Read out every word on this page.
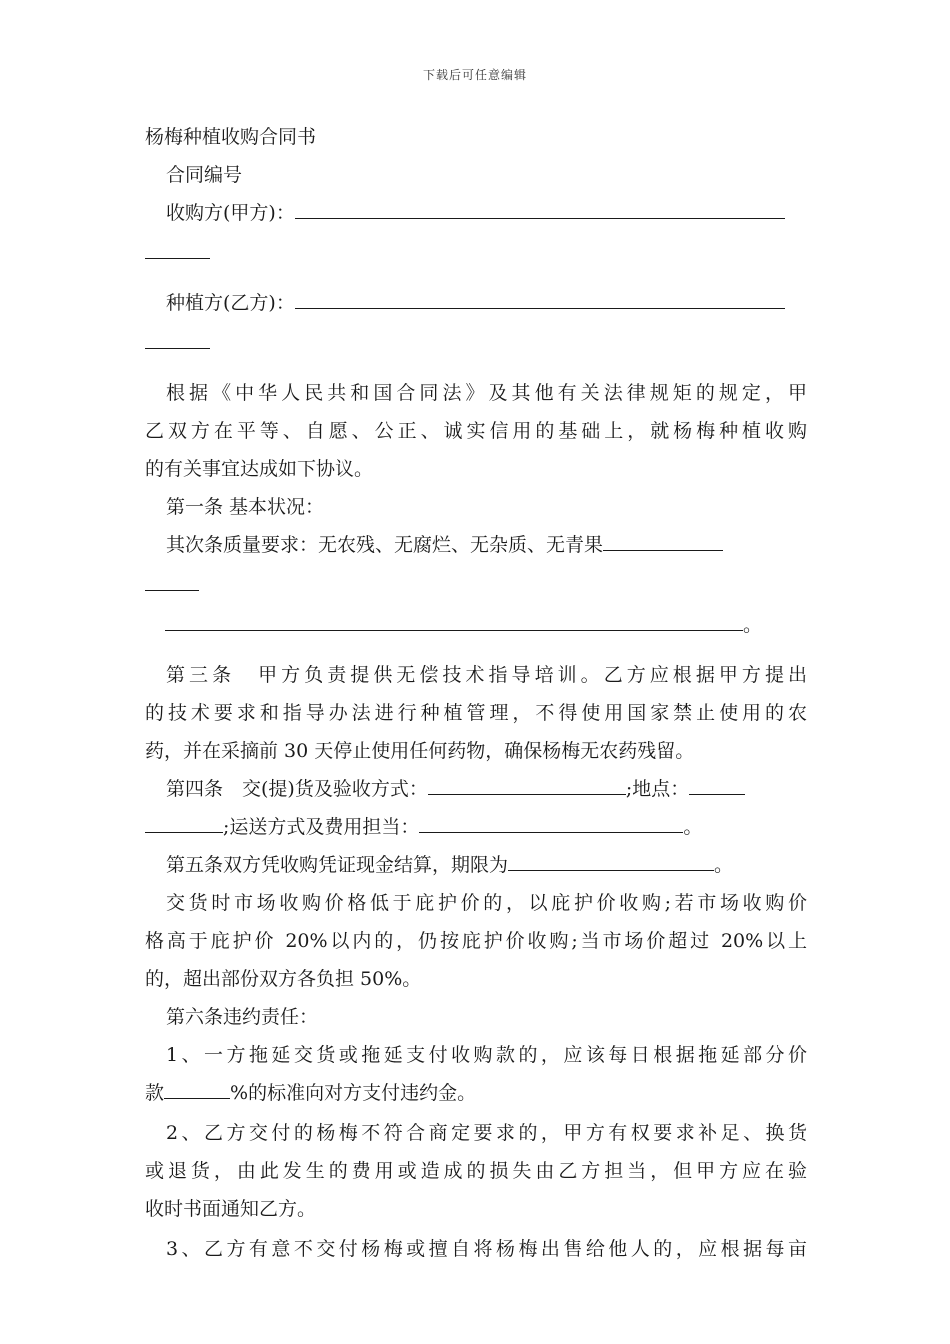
下载后可任意编辑
杨梅种植收购合同书
合同编号
收购方(甲方)：
种植方(乙方)：
根据《中华人民共和国合同法》及其他有关法律规矩的规定，甲
乙双方在平等、自愿、公正、诚实信用的基础上，就杨梅种植收购
的有关事宜达成如下协议。
第一条 基本状况：
其次条质量要求：无农残、无腐烂、无杂质、无青果
。
第三条　甲方负责提供无偿技术指导培训。乙方应根据甲方提出
的技术要求和指导办法进行种植管理，不得使用国家禁止使用的农
药，并在采摘前 30 天停止使用任何药物，确保杨梅无农药残留。
第四条　交(提)货及验收方式：	;地点：
;运送方式及费用担当：	。
第五条双方凭收购凭证现金结算，期限为	。
交货时市场收购价格低于庇护价的，以庇护价收购;若市场收购价
格高于庇护价 20%以内的，仍按庇护价收购;当市场价超过 20%以上
的，超出部份双方各负担 50%。
第六条违约责任：
1、一方拖延交货或拖延支付收购款的，应该每日根据拖延部分价
款	%的标准向对方支付违约金。
2、乙方交付的杨梅不符合商定要求的，甲方有权要求补足、换货
或退货，由此发生的费用或造成的损失由乙方担当，但甲方应在验
收时书面通知乙方。
3、乙方有意不交付杨梅或擅自将杨梅出售给他人的，应根据每亩
